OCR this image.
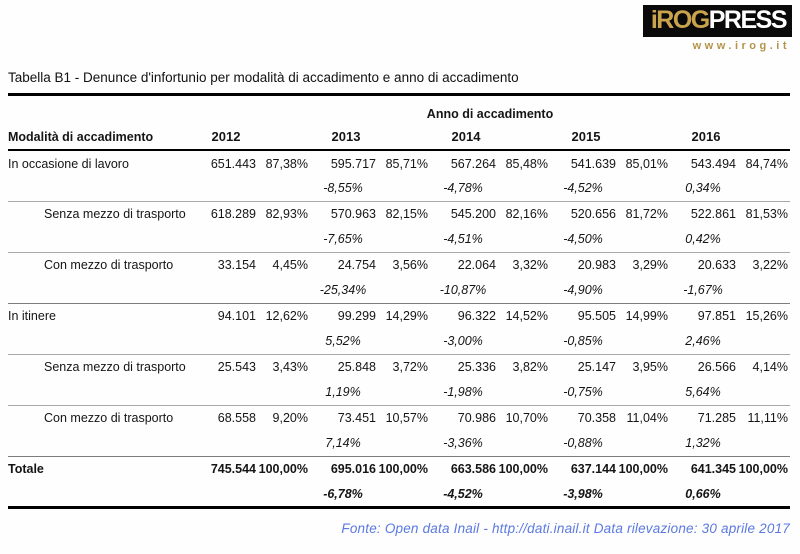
iROGPRESS
www.irog.it
Tabella B1 - Denunce d'infortunio per modalità di accadimento e anno di accadimento
	Anno di accadimento									
Modalità di accadimento	2012		2013		2014		2015		2016	
In occasione di lavoro	651.443	87,38%	595.717	85,71%	567.264	85,48%	541.639	85,01%	543.494	84,74%
			-8,55%		-4,78%		-4,52%		0,34%	
Senza mezzo di trasporto	618.289	82,93%	570.963	82,15%	545.200	82,16%	520.656	81,72%	522.861	81,53%
			-7,65%		-4,51%		-4,50%		0,42%	
Con mezzo di trasporto	33.154	4,45%	24.754	3,56%	22.064	3,32%	20.983	3,29%	20.633	3,22%
			-25,34%		-10,87%		-4,90%		-1,67%	
In itinere	94.101	12,62%	99.299	14,29%	96.322	14,52%	95.505	14,99%	97.851	15,26%
			5,52%		-3,00%		-0,85%		2,46%	
Senza mezzo di trasporto	25.543	3,43%	25.848	3,72%	25.336	3,82%	25.147	3,95%	26.566	4,14%
			1,19%		-1,98%		-0,75%		5,64%	
Con mezzo di trasporto	68.558	9,20%	73.451	10,57%	70.986	10,70%	70.358	11,04%	71.285	11,11%
			7,14%		-3,36%		-0,88%		1,32%	
Totale	745.544	100,00%	695.016	100,00%	663.586	100,00%	637.144	100,00%	641.345	100,00%
			-6,78%		-4,52%		-3,98%		0,66%	
Fonte: Open data Inail - http://dati.inail.it Data rilevazione: 30 aprile 2017
